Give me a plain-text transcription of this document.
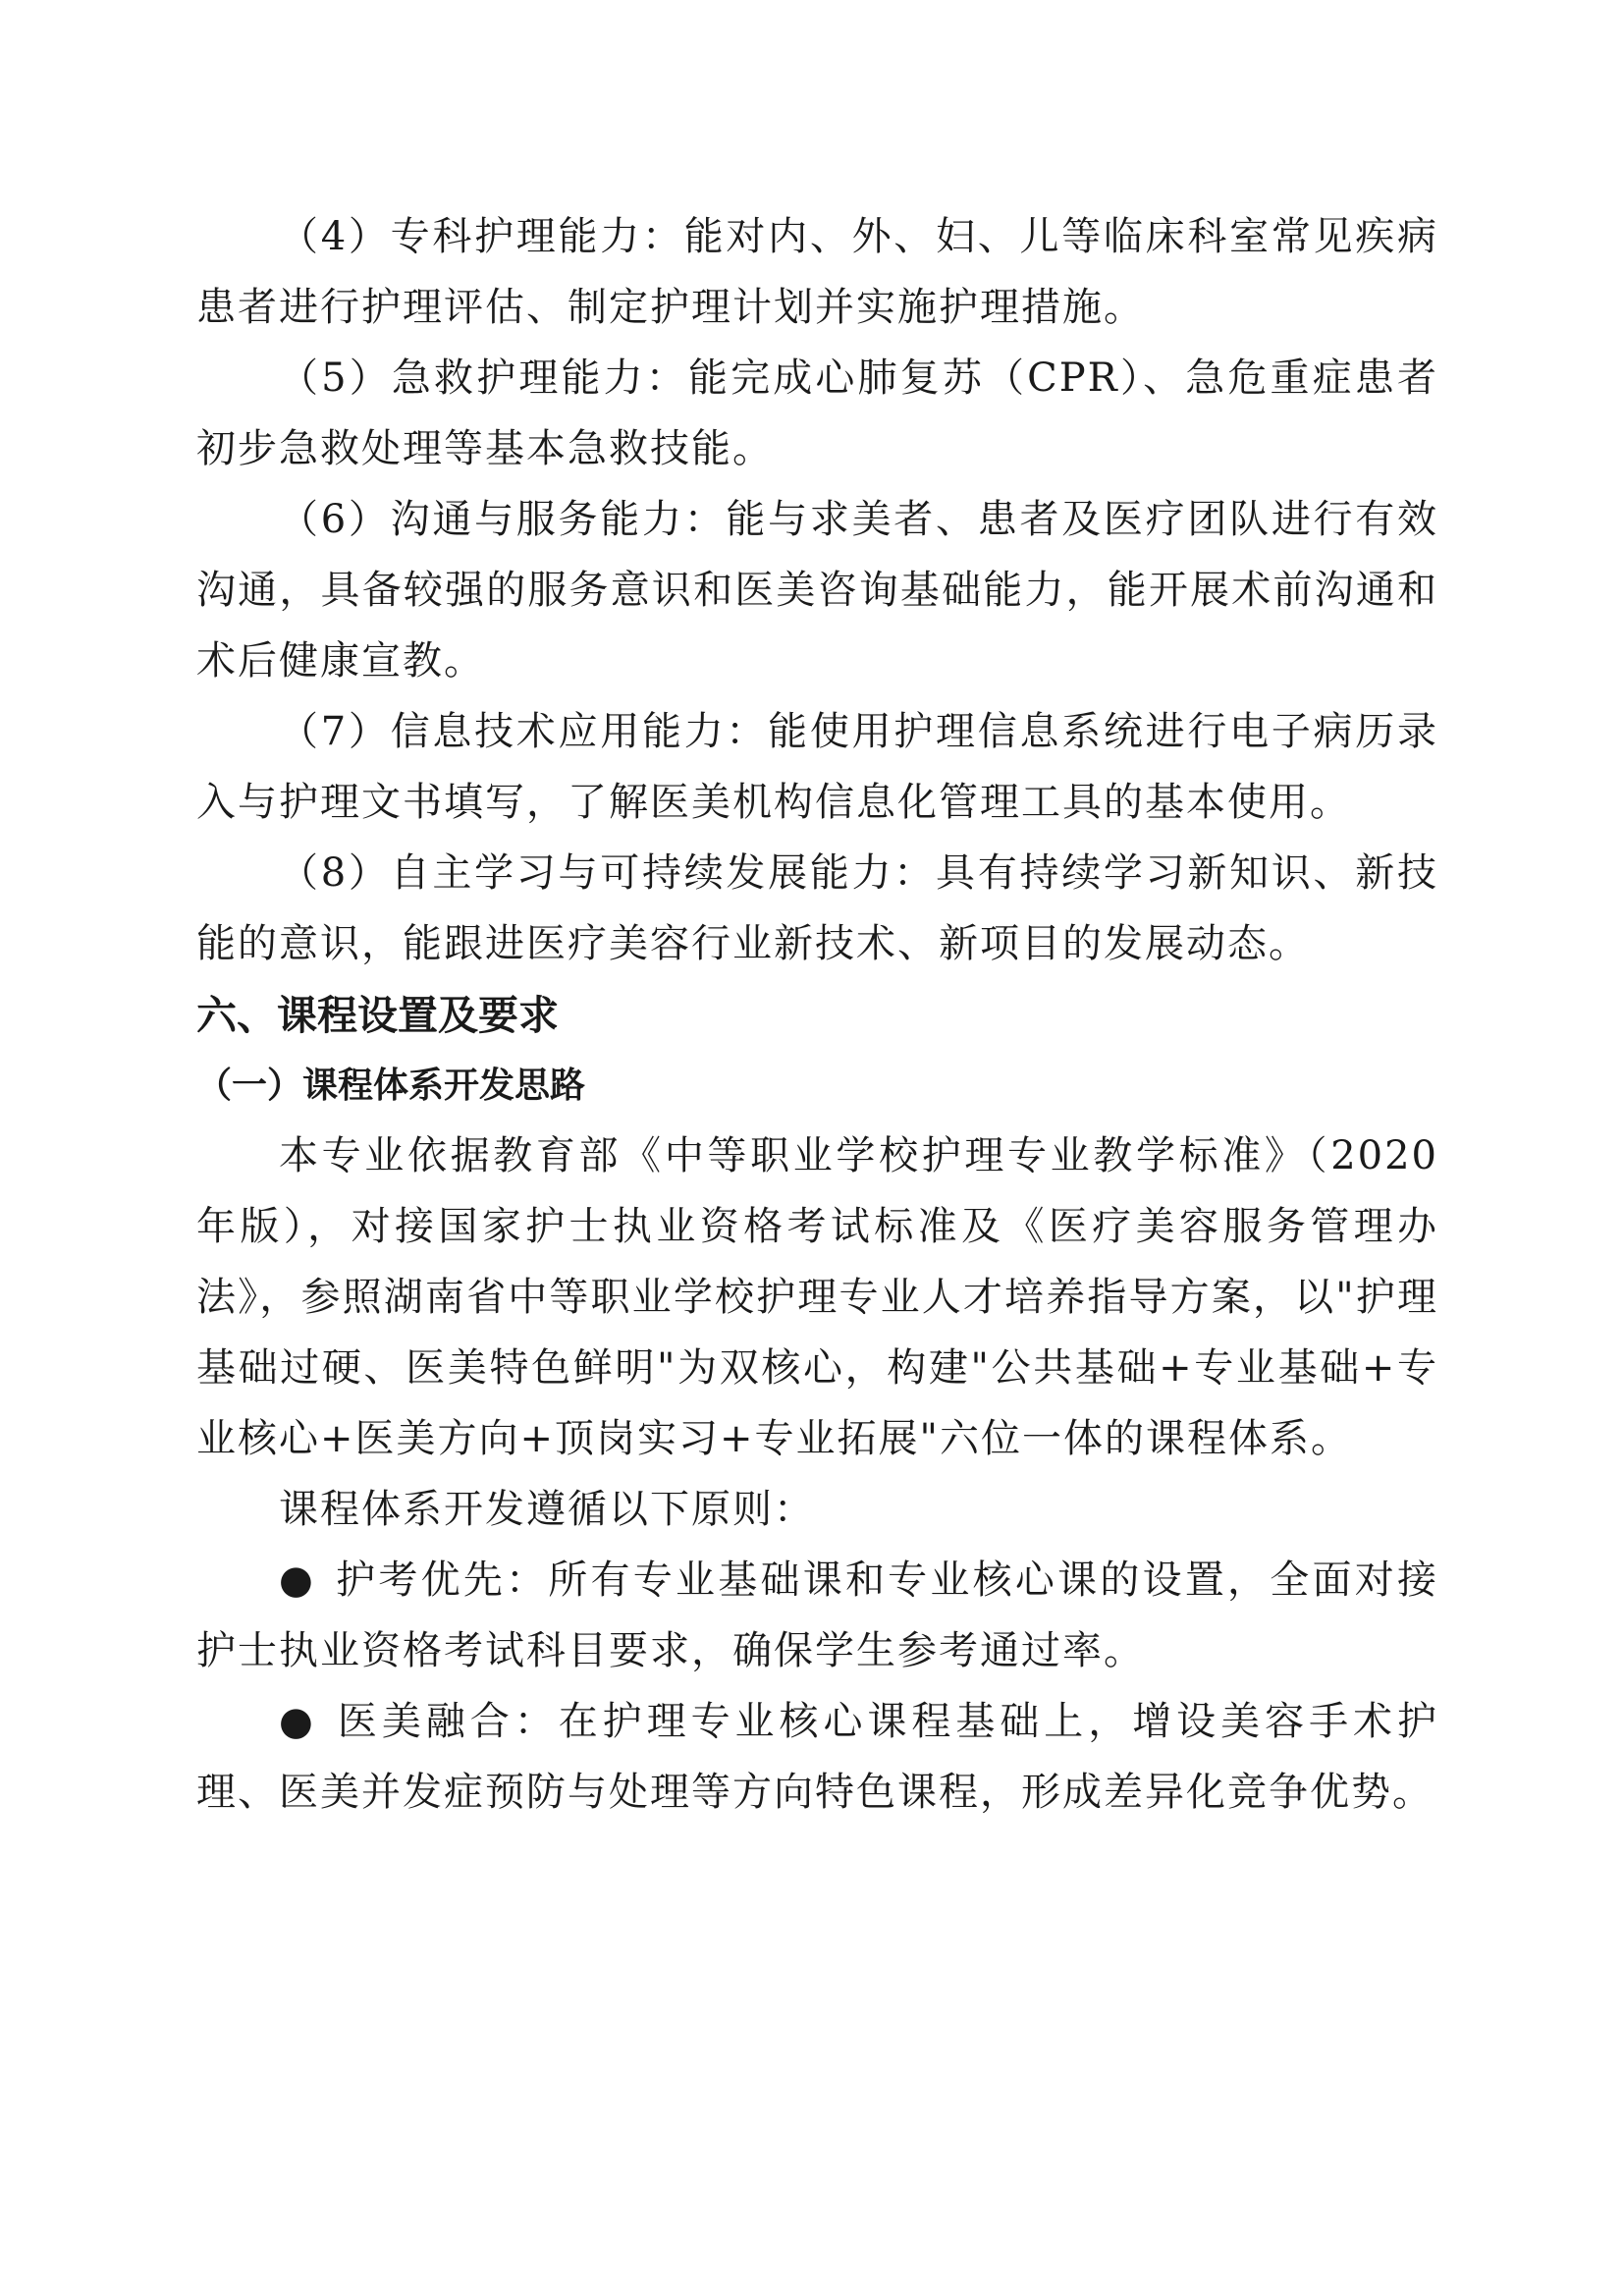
（4）专科护理能力：能对内、外、妇、儿等临床科室常见疾病患者进行护理评估、制定护理计划并实施护理措施。

（5）急救护理能力：能完成心肺复苏（CPR）、急危重症患者初步急救处理等基本急救技能。

（6）沟通与服务能力：能与求美者、患者及医疗团队进行有效沟通，具备较强的服务意识和医美咨询基础能力，能开展术前沟通和术后健康宣教。

（7）信息技术应用能力：能使用护理信息系统进行电子病历录入与护理文书填写，了解医美机构信息化管理工具的基本使用。

（8）自主学习与可持续发展能力：具有持续学习新知识、新技能的意识，能跟进医疗美容行业新技术、新项目的发展动态。

六、课程设置及要求
（一）课程体系开发思路

本专业依据教育部《中等职业学校护理专业教学标准》（2020 年版），对接国家护士执业资格考试标准及《医疗美容服务管理办法》，参照湖南省中等职业学校护理专业人才培养指导方案，以"护理基础过硬、医美特色鲜明"为双核心，构建"公共基础+专业基础+专业核心+医美方向+顶岗实习+专业拓展"六位一体的课程体系。

课程体系开发遵循以下原则：

● 护考优先：所有专业基础课和专业核心课的设置，全面对接护士执业资格考试科目要求，确保学生参考通过率。

● 医美融合：在护理专业核心课程基础上，增设美容手术护理、医美并发症预防与处理等方向特色课程，形成差异化竞争优势。
